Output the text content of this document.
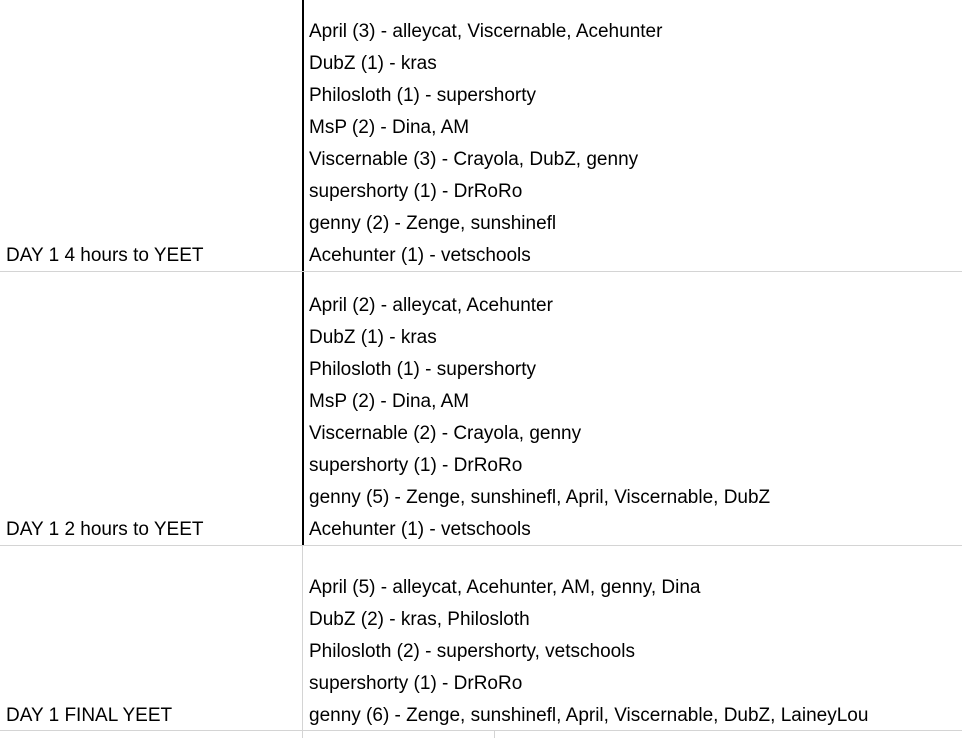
DAY 1 4 hours to YEET
April (3) - alleycat, Viscernable, Acehunter
DubZ (1) - kras
Philosloth (1) - supershorty
MsP (2) - Dina, AM
Viscernable (3) - Crayola, DubZ, genny
supershorty (1) - DrRoRo
genny (2) - Zenge, sunshinefl
Acehunter (1) - vetschools
DAY 1 2 hours to YEET
April (2) - alleycat, Acehunter
DubZ (1) - kras
Philosloth (1) - supershorty
MsP (2) - Dina, AM
Viscernable (2) - Crayola, genny
supershorty (1) - DrRoRo
genny (5) - Zenge, sunshinefl, April, Viscernable, DubZ
Acehunter (1) - vetschools
DAY 1 FINAL YEET
April (5) - alleycat, Acehunter, AM, genny, Dina
DubZ (2) - kras, Philosloth
Philosloth (2) - supershorty, vetschools
supershorty (1) - DrRoRo
genny (6) - Zenge, sunshinefl, April, Viscernable, DubZ, LaineyLou
